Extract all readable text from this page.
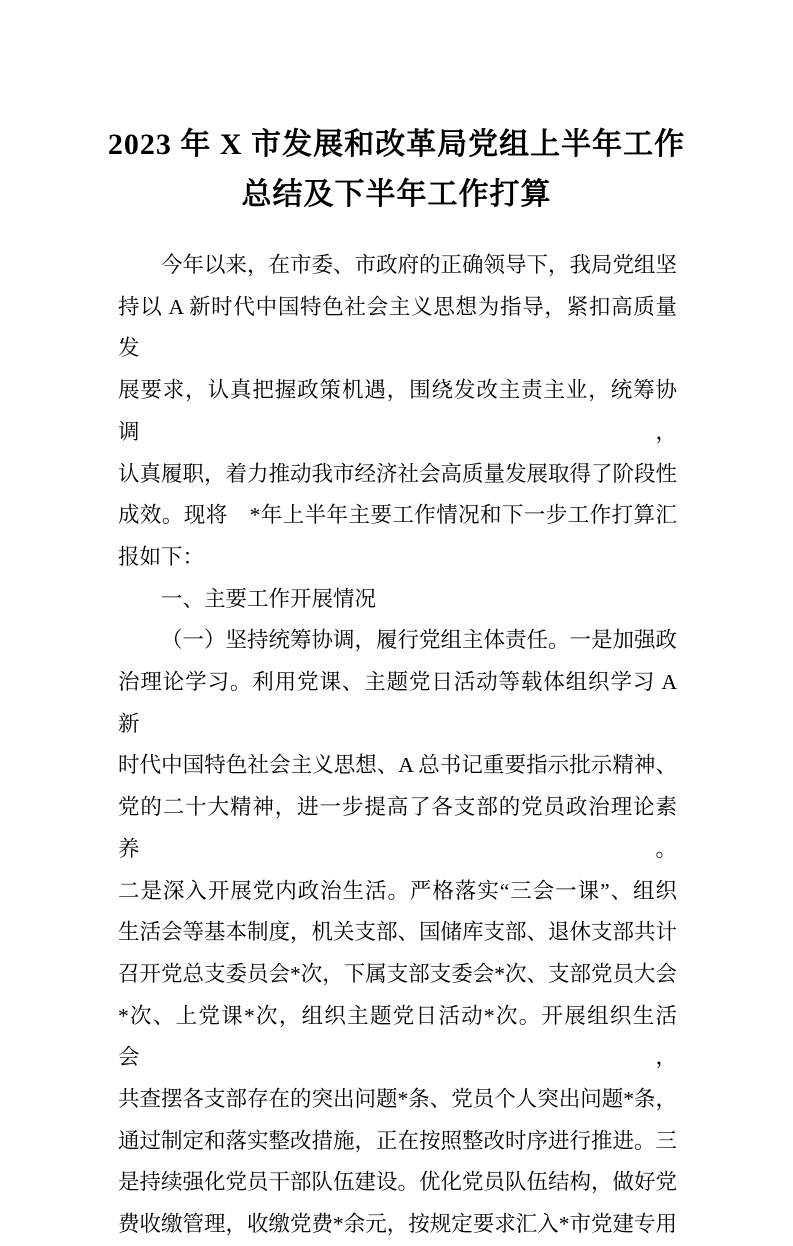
2023 年 X 市发展和改革局党组上半年工作
总结及下半年工作打算
今年以来，在市委、市政府的正确领导下，我局党组坚
持以 A 新时代中国特色社会主义思想为指导，紧扣高质量发
展要求，认真把握政策机遇，围绕发改主责主业，统筹协调，
认真履职，着力推动我市经济社会高质量发展取得了阶段性
成效。现将　*年上半年主要工作情况和下一步工作打算汇
报如下：
一、主要工作开展情况
（一）坚持统筹协调，履行党组主体责任。一是加强政
治理论学习。利用党课、主题党日活动等载体组织学习 A 新
时代中国特色社会主义思想、A 总书记重要指示批示精神、
党的二十大精神，进一步提高了各支部的党员政治理论素养。
二是深入开展党内政治生活。严格落实“三会一课”、组织
生活会等基本制度，机关支部、国储库支部、退休支部共计
召开党总支委员会*次，下属支部支委会*次、支部党员大会
*次、上党课*次，组织主题党日活动*次。开展组织生活会，
共查摆各支部存在的突出问题*条、党员个人突出问题*条，
通过制定和落实整改措施，正在按照整改时序进行推进。三
是持续强化党员干部队伍建设。优化党员队伍结构，做好党
费收缴管理，收缴党费*余元，按规定要求汇入*市党建专用
